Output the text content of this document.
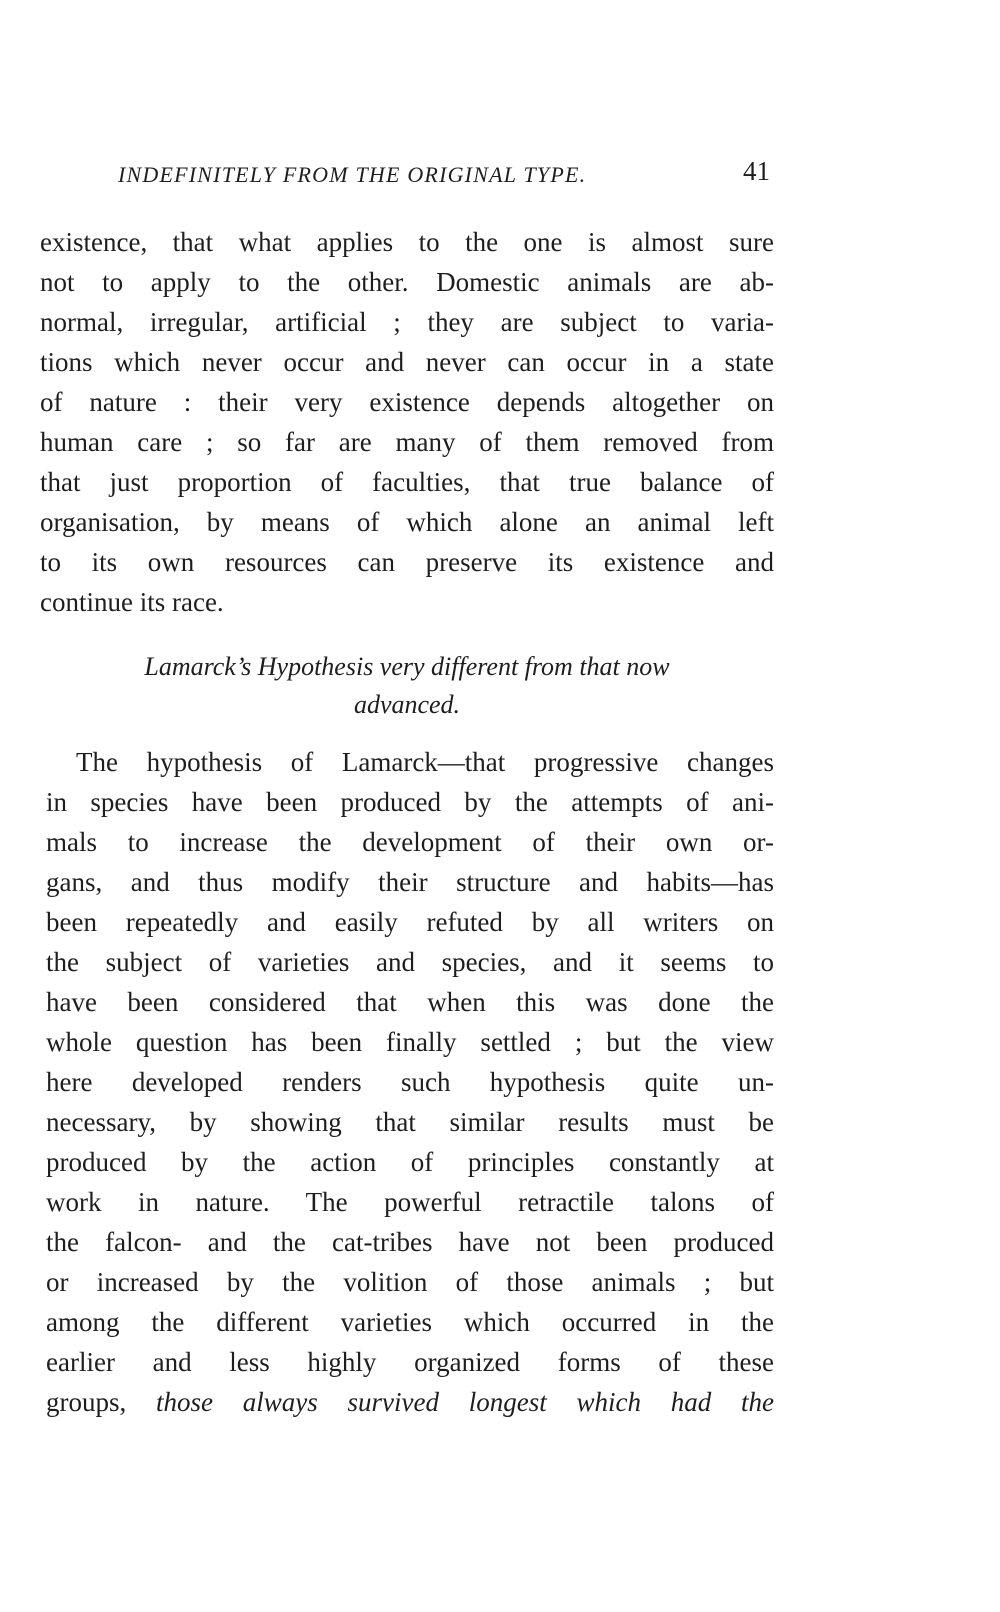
INDEFINITELY FROM THE ORIGINAL TYPE.	41
existence, that what applies to the one is almost sure
not to apply to the other. Domestic animals are ab-
normal, irregular, artificial ; they are subject to varia-
tions which never occur and never can occur in a state
of nature : their very existence depends altogether on
human care ; so far are many of them removed from
that just proportion of faculties, that true balance of
organisation, by means of which alone an animal left
to its own resources can preserve its existence and
continue its race.
Lamarck’s Hypothesis very different from that now
advanced.
The hypothesis of Lamarck—that progressive changes
in species have been produced by the attempts of ani-
mals to increase the development of their own or-
gans, and thus modify their structure and habits—has
been repeatedly and easily refuted by all writers on
the subject of varieties and species, and it seems to
have been considered that when this was done the
whole question has been finally settled ; but the view
here developed renders such hypothesis quite un-
necessary, by showing that similar results must be
produced by the action of principles constantly at
work in nature. The powerful retractile talons of
the falcon- and the cat-tribes have not been produced
or increased by the volition of those animals ; but
among the different varieties which occurred in the
earlier and less highly organized forms of these
groups, those always survived longest which had the
